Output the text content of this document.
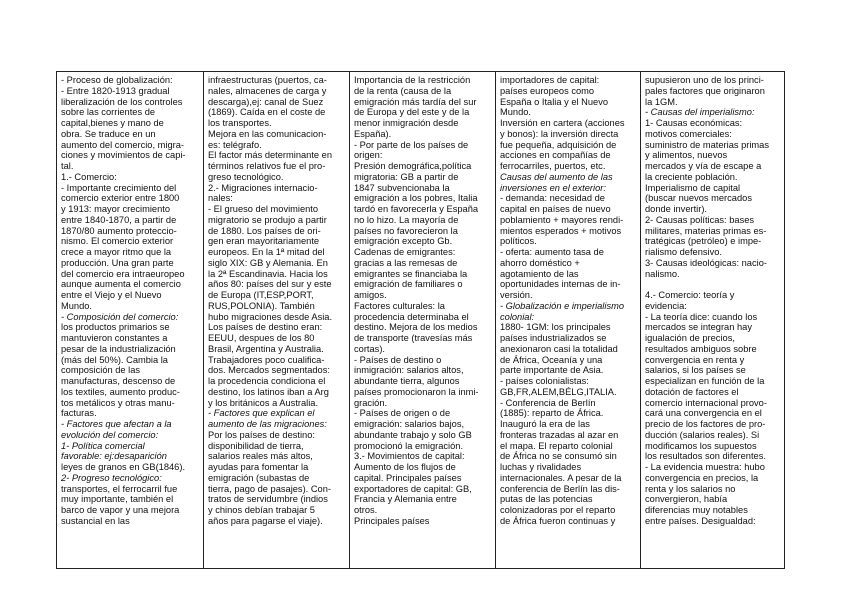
- Proceso de globalización:
- Entre 1820-1913 gradual
liberalización de los controles
sobre las corrientes de
capital,bienes y mano de
obra. Se traduce en un
aumento del comercio, migra-
ciones y movimientos de capi-
tal.
1.- Comercio:
- Importante crecimiento del
comercio exterior entre 1800
y 1913: mayor crecimiento
entre 1840-1870, a partir de
1870/80 aumento proteccio-
nismo. El comercio exterior
crece a mayor ritmo que la
producción. Una gran parte
del comercio era intraeuropeo
aunque aumenta el comercio
entre el Viejo y el Nuevo
Mundo.
- Composición del comercio:
los productos primarios se
mantuvieron constantes a
pesar de la industrialización
(más del 50%). Cambia la
composición de las
manufacturas, descenso de
los textiles, aumento produc-
tos metálicos y otras manu-
facturas.
- Factores que afectan a la
evolución del comercio:
1- Política comercial
favorable: ej:desaparición
leyes de granos en GB(1846).
2- Progreso tecnológico:
transportes, el ferrocarril fue
muy importante, también el
barco de vapor y una mejora
sustancial en las
infraestructuras (puertos, ca-
nales, almacenes de carga y
descarga),ej: canal de Suez
(1869). Caída en el coste de
los transportes.
Mejora en las comunicacion-
es: telégrafo.
El factor más determinante en
términos relativos fue el pro-
greso tecnológico.
2.- Migraciones internacio-
nales:
- El grueso del movimiento
migratorio se produjo a partir
de 1880. Los países de ori-
gen eran mayoritariamente
europeos. En la 1ª mitad del
siglo XIX: GB y Alemania. En
la 2ª Escandinavia. Hacia los
años 80: países del sur y este
de Europa (IT,ESP,PORT,
RUS,POLONIA). También
hubo migraciones desde Asia.
Los países de destino eran:
EEUU, despues de los 80
Brasil, Argentina y Australia.
Trabajadores poco cualifica-
dos. Mercados segmentados:
la procedencia condiciona el
destino, los latinos iban a Arg
y los británicos a Australia.
- Factores que explican el
aumento de las migraciones:
Por los países de destino:
disponibilidad de tierra,
salarios reales más altos,
ayudas para fomentar la
emigración (subastas de
tierra, pago de pasajes). Con-
tratos de servidumbre (indios
y chinos debían trabajar 5
años para pagarse el viaje).
Importancia de la restricción
de la renta (causa de la
emigración más tardía del sur
de Europa y del este y de la
menor inmigración desde
España).
- Por parte de los países de
origen:
Presión demográfica,política
migratoria: GB a partir de
1847 subvencionaba la
emigración a los pobres, Italia
tardó en favorecerla y España
no lo hizo. La mayoría de
países no favorecieron la
emigración excepto Gb.
Cadenas de emigrantes:
gracias a las remesas de
emigrantes se financiaba la
emigración de familiares o
amigos.
Factores culturales: la
procedencia determinaba el
destino. Mejora de los medios
de transporte (travesías más
cortas).
- Países de destino o
inmigración: salarios altos,
abundante tierra, algunos
países promocionaron la inmi-
gración.
- Países de origen o de
emigración: salarios bajos,
abundante trabajo y solo GB
promocionó la emigración.
3.- Movimientos de capital:
Aumento de los flujos de
capital. Principales países
exportadores de capital: GB,
Francia y Alemania entre
otros.
Principales países
importadores de capital:
países europeos como
España o Italia y el Nuevo
Mundo.
Inversión en cartera (acciones
y bonos): la inversión directa
fue pequeña, adquisición de
acciones en compañías de
ferrocarriles, puertos, etc.
Causas del aumento de las
inversiones en el exterior:
- demanda: necesidad de
capital en países de nuevo
poblamiento + mayores rendi-
mientos esperados + motivos
políticos.
- oferta: aumento tasa de
ahorro doméstico +
agotamiento de las
oportunidades internas de in-
versión.
- Globalización e imperialismo
colonial:
1880- 1GM: los principales
países industrializados se
anexionaron casi la totalidad
de África, Oceanía y una
parte importante de Asia.
- países colonialistas:
GB,FR,ALEM,BÉLG,ITALIA.
- Conferencia de Berlín
(1885): reparto de África.
Inauguró la era de las
fronteras trazadas al azar en
el mapa. El reparto colonial
de África no se consumó sin
luchas y rivalidades
internacionales. A pesar de la
conferencia de Berlín las dis-
putas de las potencias
colonizadoras por el reparto
de África fueron continuas y
supusieron uno de los princi-
pales factores que originaron
la 1GM.
- Causas del imperialismo:
1- Causas económicas:
motivos comerciales:
suministro de materias primas
y alimentos, nuevos
mercados y vía de escape a
la creciente población.
Imperialismo de capital
(buscar nuevos mercados
donde invertir).
2- Causas políticas: bases
militares, materias primas es-
tratégicas (petróleo) e impe-
rialismo defensivo.
3- Causas ideológicas: nacio-
nalismo.
4.- Comercio: teoría y
evidencia:
- La teoría dice: cuando los
mercados se integran hay
igualación de precios,
resultados ambiguos sobre
convergencia en renta y
salarios, si los países se
especializan en función de la
dotación de factores el
comercio internacional provo-
cará una convergencia en el
precio de los factores de pro-
ducción (salarios reales). Si
modificamos los supuestos
los resultados son diferentes.
- La evidencia muestra: hubo
convergencia en precios, la
renta y los salarios no
convergieron, había
diferencias muy notables
entre países. Desigualdad:
